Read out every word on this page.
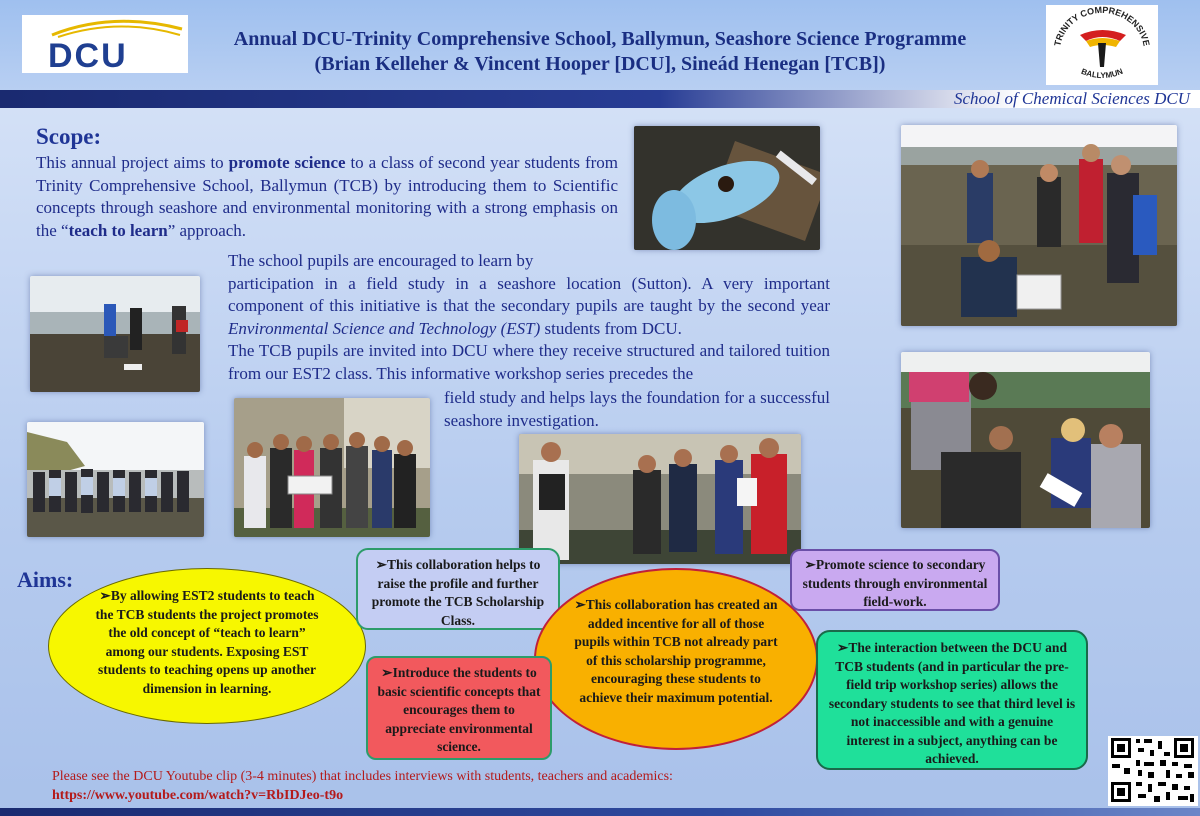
DCU	Annual DCU-Trinity Comprehensive School, Ballymun, Seashore Science Programme
(Brian Kelleher & Vincent Hooper [DCU], Sineád Henegan [TCB])
TRINITY COMPREHENSIVE
BALLYMUN
School of Chemical Sciences DCU
Scope:
This annual project aims to promote science to a class of second year students from Trinity Comprehensive School, Ballymun (TCB) by introducing them to Scientific concepts through seashore and environmental monitoring with a strong emphasis on the “teach to learn” approach.
The school pupils are encouraged to learn by
participation in a field study in a seashore location (Sutton). A very important component of this initiative is that the secondary pupils are taught by the second year Environmental Science and Technology (EST) students from DCU.
The TCB pupils are invited into DCU where they receive structured and tailored tuition from our EST2 class. This informative workshop series precedes the
field study and helps lays the foundation for a successful seashore investigation.
Aims:
➢By allowing EST2 students to teach the TCB students the project promotes the old concept of “teach to learn” among our students. Exposing EST students to teaching opens up another dimension in learning.
➢This collaboration helps to raise the profile and further promote the TCB Scholarship Class.
➢This collaboration has created an added incentive for all of those pupils within TCB not already part of this scholarship programme, encouraging these students to achieve their maximum potential.
➢Introduce the students to basic scientific concepts that encourages them to appreciate environmental science.
➢Promote science to secondary students through environmental field-work.
➢The interaction between the DCU and TCB students (and in particular the pre-field trip workshop series) allows the secondary students to see that third level is not inaccessible and with a genuine interest in a subject, anything can be achieved.
Please see the DCU Youtube clip (3-4 minutes) that includes interviews with students, teachers and academics:
https://www.youtube.com/watch?v=RbIDJeo-t9o
